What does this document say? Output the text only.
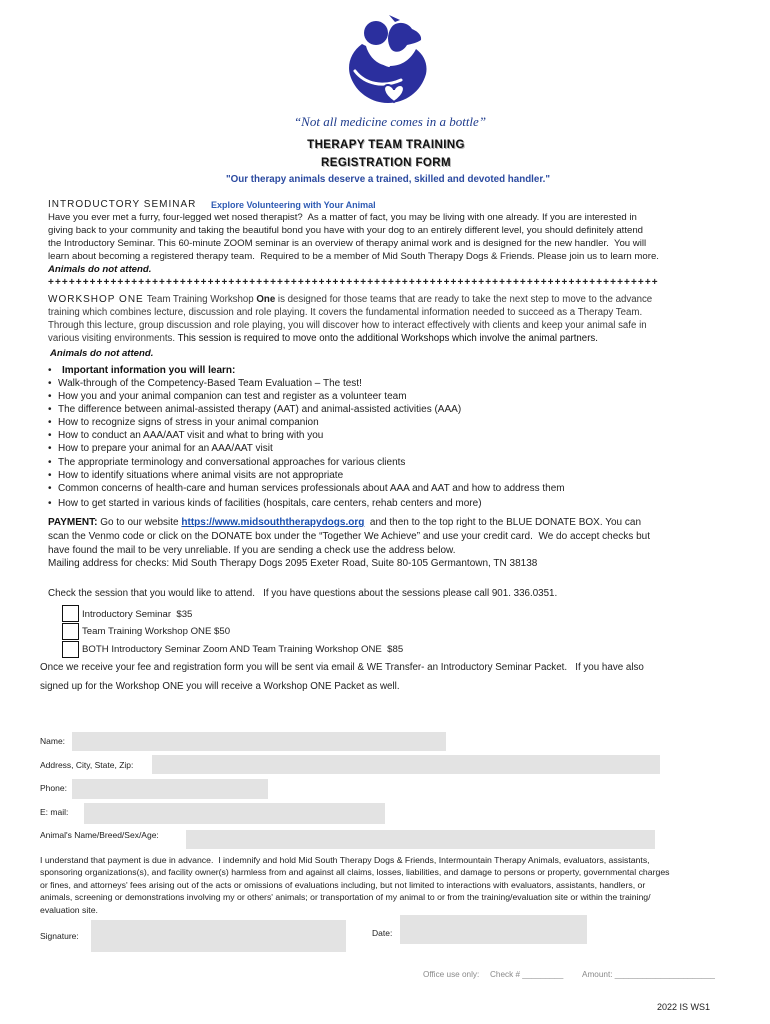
“Not all medicine comes in a bottle”
THERAPY TEAM TRAINING
REGISTRATION FORM
"Our therapy animals deserve a trained, skilled and devoted handler."
INTRODUCTORY SEMINAR Explore Volunteering with Your Animal
Have you ever met a furry, four-legged wet nosed therapist?  As a matter of fact, you may be living with one already. If you are interested in
giving back to your community and taking the beautiful bond you have with your dog to an entirely different level, you should definitely attend
the Introductory Seminar. This 60-minute ZOOM seminar is an overview of therapy animal work and is designed for the new handler.  You will
learn about becoming a registered therapy team.  Required to be a member of Mid South Therapy Dogs & Friends. Please join us to learn more.
Animals do not attend.
++++++++++++++++++++++++++++++++++++++++++++++++++++++++++++++++++++++++++++++++++++++++
WORKSHOP ONE Team Training Workshop One is designed for those teams that are ready to take the next step to move to the advance
training which combines lecture, discussion and role playing. It covers the fundamental information needed to succeed as a Therapy Team.
Through this lecture, group discussion and role playing, you will discover how to interact effectively with clients and keep your animal safe in
various visiting environments. This session is required to move onto the additional Workshops which involve the animal partners.
Animals do not attend.
•
Important information you will learn:
•
Walk-through of the Competency-Based Team Evaluation – The test!
•
How you and your animal companion can test and register as a volunteer team
•
The difference between animal-assisted therapy (AAT) and animal-assisted activities (AAA)
•
How to recognize signs of stress in your animal companion
•
How to conduct an AAA/AAT visit and what to bring with you
•
How to prepare your animal for an AAA/AAT visit
•
The appropriate terminology and conversational approaches for various clients
•
How to identify situations where animal visits are not appropriate
•
Common concerns of health-care and human services professionals about AAA and AAT and how to address them
•
How to get started in various kinds of facilities (hospitals, care centers, rehab centers and more)
PAYMENT: Go to our website https://www.midsouththerapydogs.org  and then to the top right to the BLUE DONATE BOX. You can
scan the Venmo code or click on the DONATE box under the “Together We Achieve” and use your credit card.  We do accept checks but
have found the mail to be very unreliable. If you are sending a check use the address below.
Mailing address for checks: Mid South Therapy Dogs 2095 Exeter Road, Suite 80-105 Germantown, TN 38138
Check the session that you would like to attend.   If you have questions about the sessions please call 901. 336.0351.
Introductory Seminar  $35
Team Training Workshop ONE $50
BOTH Introductory Seminar Zoom AND Team Training Workshop ONE  $85
Once we receive your fee and registration form you will be sent via email & WE Transfer- an Introductory Seminar Packet.   If you have also
signed up for the Workshop ONE you will receive a Workshop ONE Packet as well.
Name:
Address, City, State, Zip:
Phone:
E: mail:
Animal's Name/Breed/Sex/Age:
I understand that payment is due in advance.  I indemnify and hold Mid South Therapy Dogs & Friends, Intermountain Therapy Animals, evaluators, assistants,
sponsoring organizations(s), and facility owner(s) harmless from and against all claims, losses, liabilities, and damage to persons or property, governmental charges
or fines, and attorneys' fees arising out of the acts or omissions of evaluations including, but not limited to interactions with evaluators, assistants, handlers, or
animals, screening or demonstrations involving my or others' animals; or transportation of my animal to or from the training/evaluation site or within the training/
evaluation site.
Signature:	Date:
Office use only: Check # _________ Amount: ______________________
2022 IS WS1
